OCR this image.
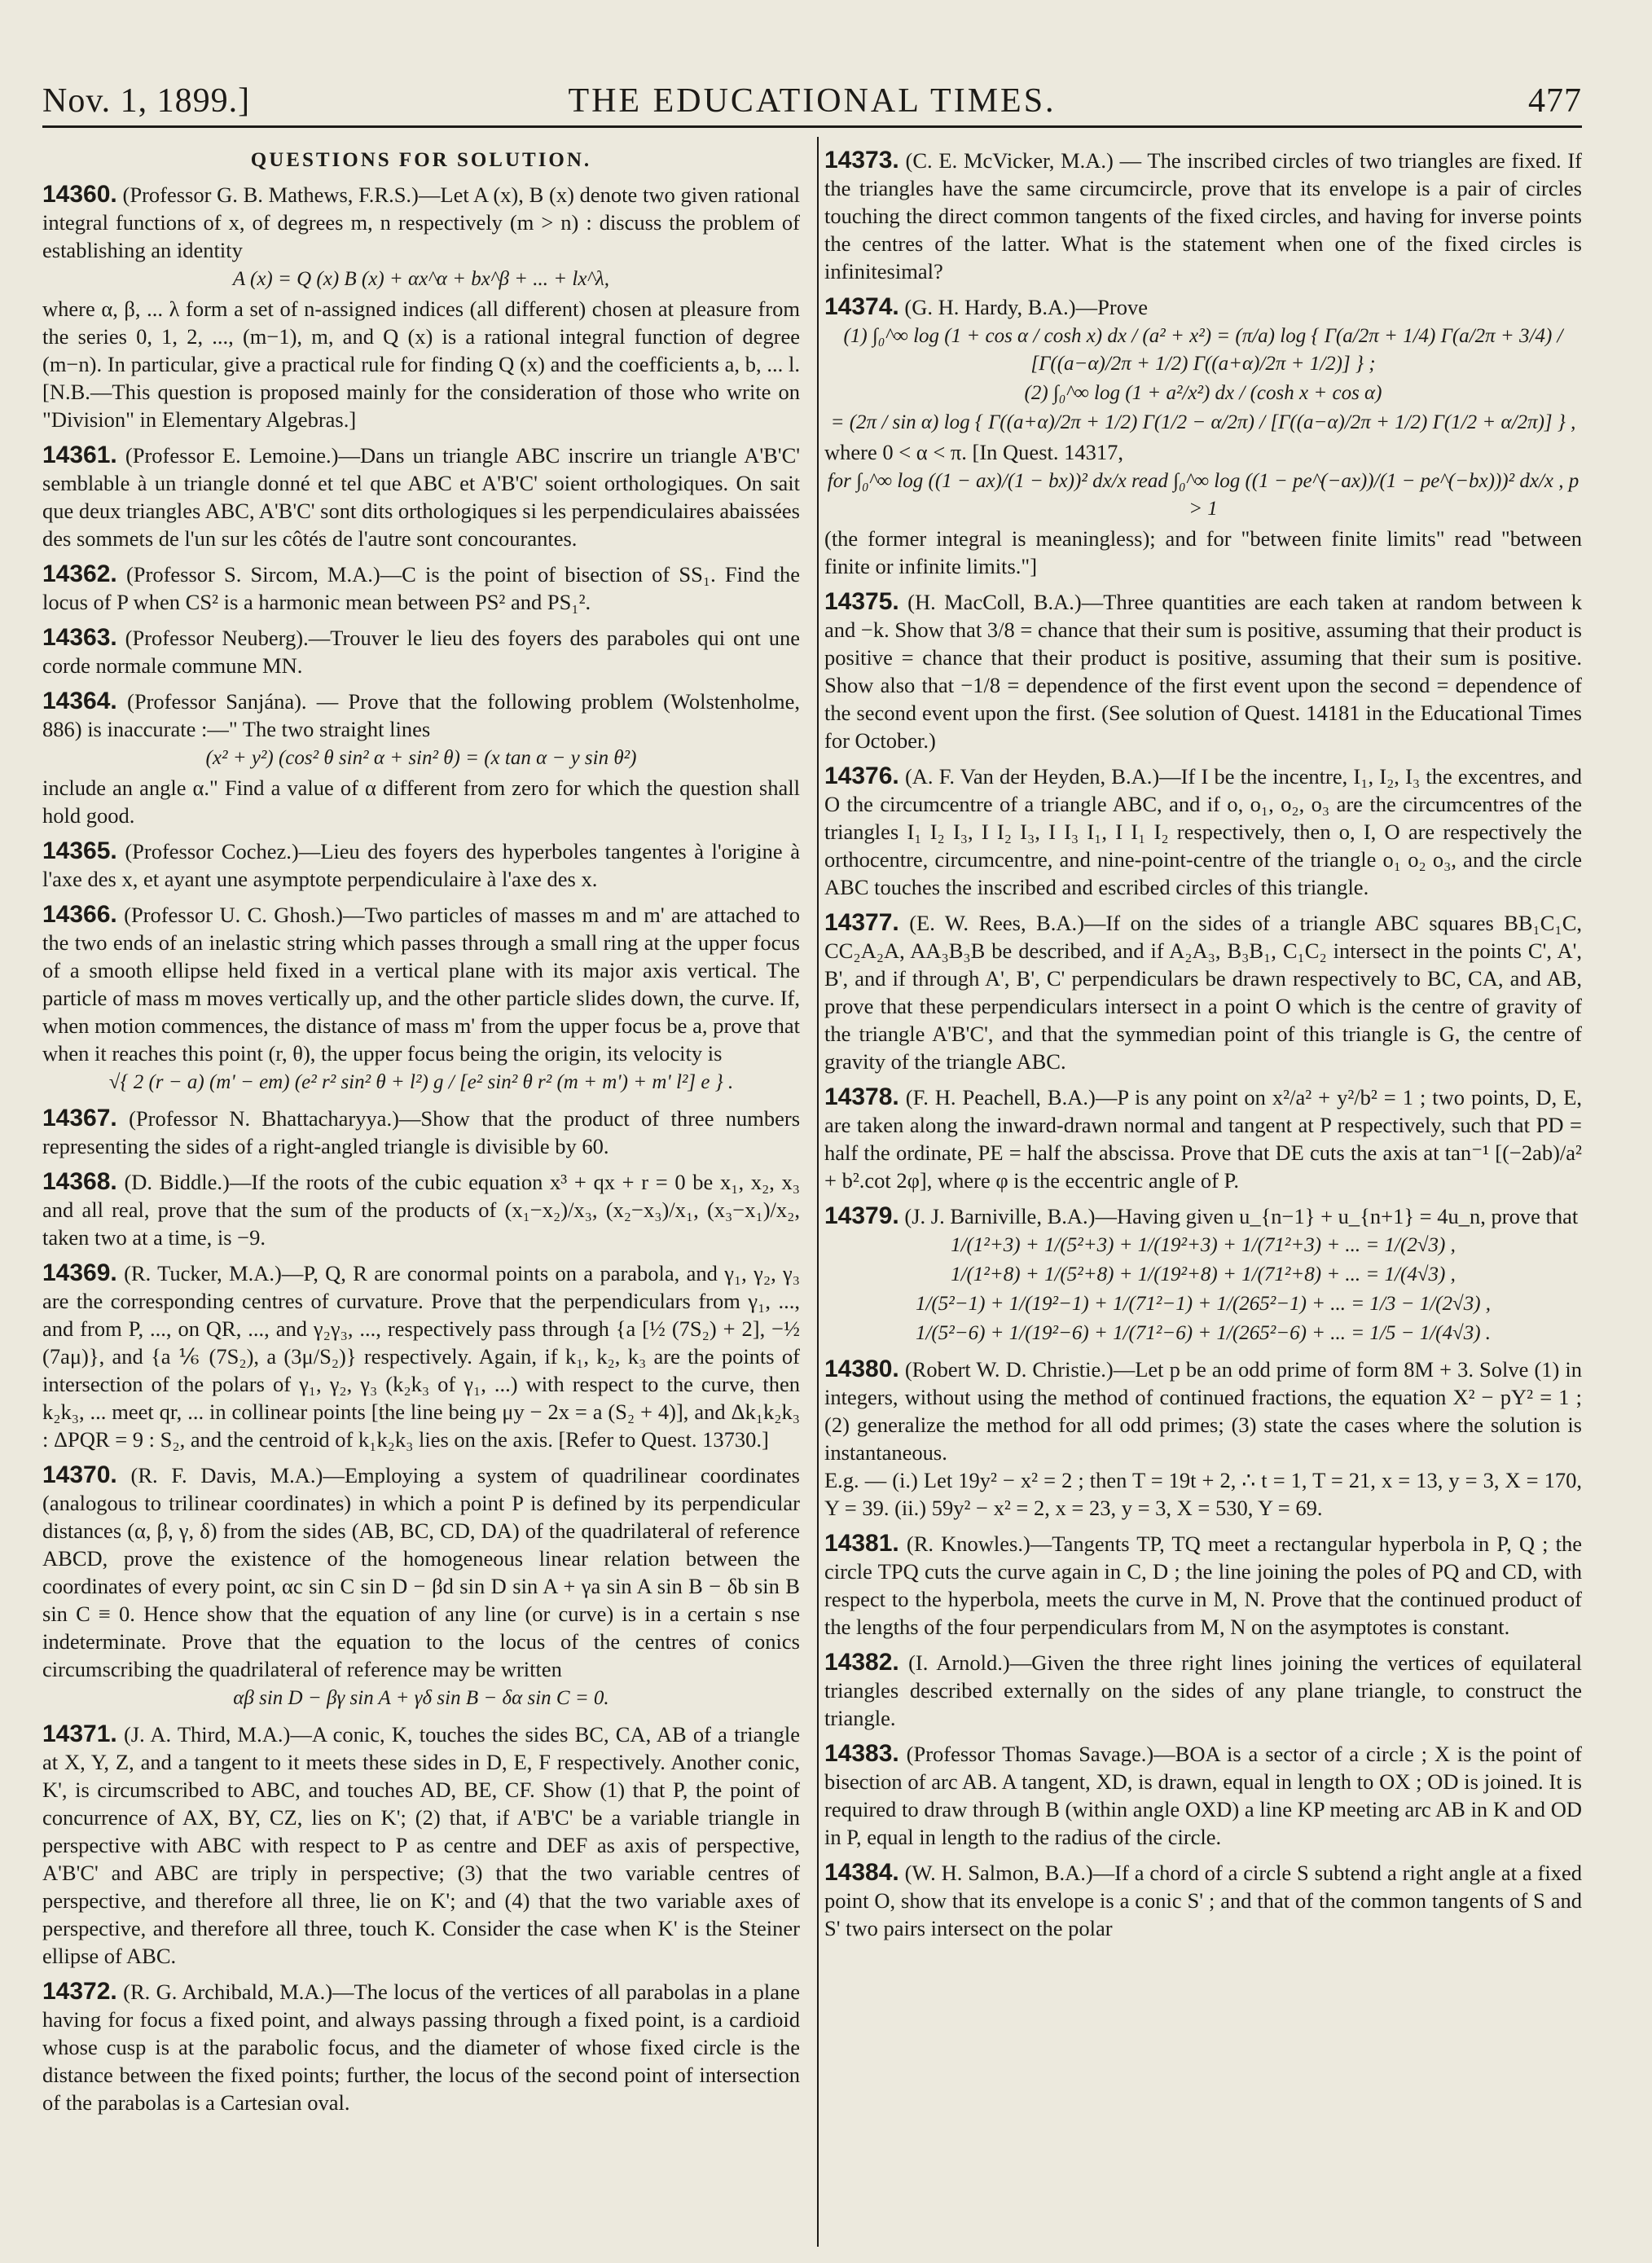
Nov. 1, 1899.]	THE EDUCATIONAL TIMES.	477
QUESTIONS FOR SOLUTION.

14360. (Professor G. B. Mathews, F.R.S.)—Let A (x), B (x) denote two given rational integral functions of x, of degrees m, n respectively (m > n) : discuss the problem of establishing an identity

A (x) = Q (x) B (x) + αx^α + bx^β + ... + lx^λ,

where α, β, ... λ form a set of n-assigned indices (all different) chosen at pleasure from the series 0, 1, 2, ..., (m−1), m, and Q (x) is a rational integral function of degree (m−n). In particular, give a practical rule for finding Q (x) and the coefficients a, b, ... l. [N.B.—This question is proposed mainly for the consideration of those who write on "Division" in Elementary Algebras.]

14361. (Professor E. Lemoine.)—Dans un triangle ABC inscrire un triangle A'B'C' semblable à un triangle donné et tel que ABC et A'B'C' soient orthologiques. On sait que deux triangles ABC, A'B'C' sont dits orthologiques si les perpendiculaires abaissées des sommets de l'un sur les côtés de l'autre sont concourantes.

14362. (Professor S. Sircom, M.A.)—C is the point of bisection of SS₁. Find the locus of P when CS² is a harmonic mean between PS² and PS₁².

14363. (Professor Neuberg).—Trouver le lieu des foyers des paraboles qui ont une corde normale commune MN.

14364. (Professor Sanjána). — Prove that the following problem (Wolstenholme, 886) is inaccurate :—" The two straight lines

(x² + y²) (cos² θ sin² α + sin² θ) = (x tan α − y sin θ²)

include an angle α." Find a value of α different from zero for which the question shall hold good.

14365. (Professor Cochez.)—Lieu des foyers des hyperboles tangentes à l'origine à l'axe des x, et ayant une asymptote perpendiculaire à l'axe des x.

14366. (Professor U. C. Ghosh.)—Two particles of masses m and m' are attached to the two ends of an inelastic string which passes through a small ring at the upper focus of a smooth ellipse held fixed in a vertical plane with its major axis vertical. The particle of mass m moves vertically up, and the other particle slides down, the curve. If, when motion commences, the distance of mass m' from the upper focus be a, prove that when it reaches this point (r, θ), the upper focus being the origin, its velocity is

√{ 2 (r − a) (m' − em) (e² r² sin² θ + l²) g / [e² sin² θ r² (m + m') + m' l²] e } .

14367. (Professor N. Bhattacharyya.)—Show that the product of three numbers representing the sides of a right-angled triangle is divisible by 60.

14368. (D. Biddle.)—If the roots of the cubic equation x³ + qx + r = 0 be x₁, x₂, x₃ and all real, prove that the sum of the products of (x₁−x₂)/x₃, (x₂−x₃)/x₁, (x₃−x₁)/x₂, taken two at a time, is −9.

14369. (R. Tucker, M.A.)—P, Q, R are conormal points on a parabola, and γ₁, γ₂, γ₃ are the corresponding centres of curvature. Prove that the perpendiculars from γ₁, ..., and from P, ..., on QR, ..., and γ₂γ₃, ..., respectively pass through {a [½ (7S₂) + 2], −½ (7aμ)}, and {a ⅙ (7S₂), a (3μ/S₂)} respectively. Again, if k₁, k₂, k₃ are the points of intersection of the polars of γ₁, γ₂, γ₃ (k₂k₃ of γ₁, ...) with respect to the curve, then k₂k₃, ... meet qr, ... in collinear points [the line being μy − 2x = a (S₂ + 4)], and Δk₁k₂k₃ : ΔPQR = 9 : S₂, and the centroid of k₁k₂k₃ lies on the axis. [Refer to Quest. 13730.]

14370. (R. F. Davis, M.A.)—Employing a system of quadrilinear coordinates (analogous to trilinear coordinates) in which a point P is defined by its perpendicular distances (α, β, γ, δ) from the sides (AB, BC, CD, DA) of the quadrilateral of reference ABCD, prove the existence of the homogeneous linear relation between the coordinates of every point, αc sin C sin D − βd sin D sin A + γa sin A sin B − δb sin B sin C ≡ 0. Hence show that the equation of any line (or curve) is in a certain s nse indeterminate. Prove that the equation to the locus of the centres of conics circumscribing the quadrilateral of reference may be written

αβ sin D − βγ sin A + γδ sin B − δα sin C = 0.

14371. (J. A. Third, M.A.)—A conic, K, touches the sides BC, CA, AB of a triangle at X, Y, Z, and a tangent to it meets these sides in D, E, F respectively. Another conic, K', is circumscribed to ABC, and touches AD, BE, CF. Show (1) that P, the point of concurrence of AX, BY, CZ, lies on K'; (2) that, if A'B'C' be a variable triangle in perspective with ABC with respect to P as centre and DEF as axis of perspective, A'B'C' and ABC are triply in perspective; (3) that the two variable centres of perspective, and therefore all three, lie on K'; and (4) that the two variable axes of perspective, and therefore all three, touch K. Consider the case when K' is the Steiner ellipse of ABC.

14372. (R. G. Archibald, M.A.)—The locus of the vertices of all parabolas in a plane having for focus a fixed point, and always passing through a fixed point, is a cardioid whose cusp is at the parabolic focus, and the diameter of whose fixed circle is the distance between the fixed points; further, the locus of the second point of intersection of the parabolas is a Cartesian oval.

14373. (C. E. McVicker, M.A.) — The inscribed circles of two triangles are fixed. If the triangles have the same circumcircle, prove that its envelope is a pair of circles touching the direct common tangents of the fixed circles, and having for inverse points the centres of the latter. What is the statement when one of the fixed circles is infinitesimal?

14374. (G. H. Hardy, B.A.)—Prove

(1) ∫₀^∞ log (1 + cos α / cosh x) dx / (a² + x²) = (π/a) log { Γ(a/2π + 1/4) Γ(a/2π + 3/4) / [Γ((a−α)/2π + 1/2) Γ((a+α)/2π + 1/2)] } ;
(2) ∫₀^∞ log (1 + a²/x²) dx / (cosh x + cos α)
= (2π / sin α) log { Γ((a+α)/2π + 1/2) Γ(1/2 − α/2π) / [Γ((a−α)/2π + 1/2) Γ(1/2 + α/2π)] } ,

where 0 < α < π. [In Quest. 14317,

for ∫₀^∞ log ((1 − ax)/(1 − bx))² dx/x read ∫₀^∞ log ((1 − pe^(−ax))/(1 − pe^(−bx)))² dx/x , p > 1

(the former integral is meaningless); and for "between finite limits" read "between finite or infinite limits."]

14375. (H. MacColl, B.A.)—Three quantities are each taken at random between k and −k. Show that 3/8 = chance that their sum is positive, assuming that their product is positive = chance that their product is positive, assuming that their sum is positive. Show also that −1/8 = dependence of the first event upon the second = dependence of the second event upon the first. (See solution of Quest. 14181 in the Educational Times for October.)

14376. (A. F. Van der Heyden, B.A.)—If I be the incentre, I₁, I₂, I₃ the excentres, and O the circumcentre of a triangle ABC, and if o, o₁, o₂, o₃ are the circumcentres of the triangles I₁ I₂ I₃, I I₂ I₃, I I₃ I₁, I I₁ I₂ respectively, then o, I, O are respectively the orthocentre, circumcentre, and nine-point-centre of the triangle o₁ o₂ o₃, and the circle ABC touches the inscribed and escribed circles of this triangle.

14377. (E. W. Rees, B.A.)—If on the sides of a triangle ABC squares BB₁C₁C, CC₂A₂A, AA₃B₃B be described, and if A₂A₃, B₃B₁, C₁C₂ intersect in the points C', A', B', and if through A', B', C' perpendiculars be drawn respectively to BC, CA, and AB, prove that these perpendiculars intersect in a point O which is the centre of gravity of the triangle A'B'C', and that the symmedian point of this triangle is G, the centre of gravity of the triangle ABC.

14378. (F. H. Peachell, B.A.)—P is any point on x²/a² + y²/b² = 1 ; two points, D, E, are taken along the inward-drawn normal and tangent at P respectively, such that PD = half the ordinate, PE = half the abscissa. Prove that DE cuts the axis at tan⁻¹ [(−2ab)/a² + b².cot 2φ], where φ is the eccentric angle of P.

14379. (J. J. Barniville, B.A.)—Having given u_{n−1} + u_{n+1} = 4u_n, prove that

1/(1²+3) + 1/(5²+3) + 1/(19²+3) + 1/(71²+3) + ... = 1/(2√3) ,
1/(1²+8) + 1/(5²+8) + 1/(19²+8) + 1/(71²+8) + ... = 1/(4√3) ,
1/(5²−1) + 1/(19²−1) + 1/(71²−1) + 1/(265²−1) + ... = 1/3 − 1/(2√3) ,
1/(5²−6) + 1/(19²−6) + 1/(71²−6) + 1/(265²−6) + ... = 1/5 − 1/(4√3) .

14380. (Robert W. D. Christie.)—Let p be an odd prime of form 8M + 3. Solve (1) in integers, without using the method of continued fractions, the equation X² − pY² = 1 ; (2) generalize the method for all odd primes; (3) state the cases where the solution is instantaneous.

E.g. — (i.) Let 19y² − x² = 2 ; then T = 19t + 2, ∴ t = 1, T = 21, x = 13, y = 3, X = 170, Y = 39. (ii.) 59y² − x² = 2, x = 23, y = 3, X = 530, Y = 69.

14381. (R. Knowles.)—Tangents TP, TQ meet a rectangular hyperbola in P, Q ; the circle TPQ cuts the curve again in C, D ; the line joining the poles of PQ and CD, with respect to the hyperbola, meets the curve in M, N. Prove that the continued product of the lengths of the four perpendiculars from M, N on the asymptotes is constant.

14382. (I. Arnold.)—Given the three right lines joining the vertices of equilateral triangles described externally on the sides of any plane triangle, to construct the triangle.

14383. (Professor Thomas Savage.)—BOA is a sector of a circle ; X is the point of bisection of arc AB. A tangent, XD, is drawn, equal in length to OX ; OD is joined. It is required to draw through B (within angle OXD) a line KP meeting arc AB in K and OD in P, equal in length to the radius of the circle.

14384. (W. H. Salmon, B.A.)—If a chord of a circle S subtend a right angle at a fixed point O, show that its envelope is a conic S' ; and that of the common tangents of S and S' two pairs intersect on the polar
